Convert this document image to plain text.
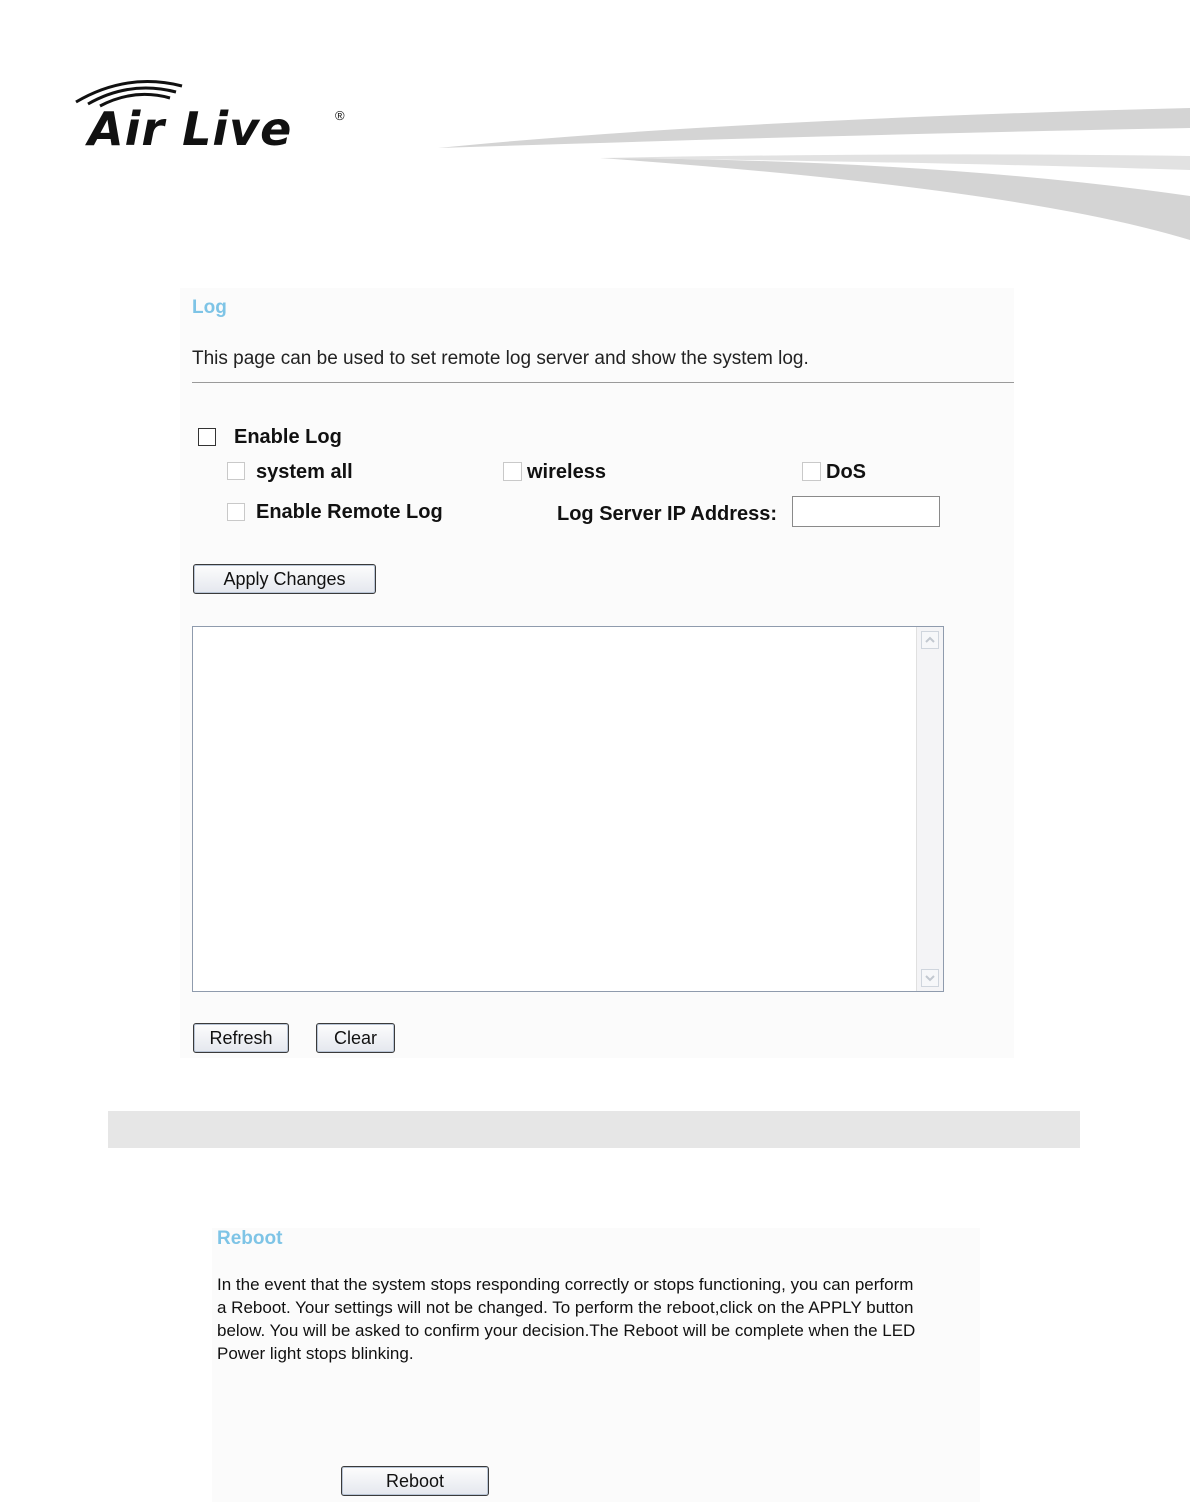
Air Live	®
Log
This page can be used to set remote log server and show the system log.
Enable Log
system all	wireless	DoS
Enable Remote Log	Log Server IP Address:
Apply Changes
Refresh	Clear
Reboot
In the event that the system stops responding correctly or stops functioning, you can perform
a Reboot. Your settings will not be changed. To perform the reboot,click on the APPLY button
below. You will be asked to confirm your decision.The Reboot will be complete when the LED
Power light stops blinking.
Reboot
